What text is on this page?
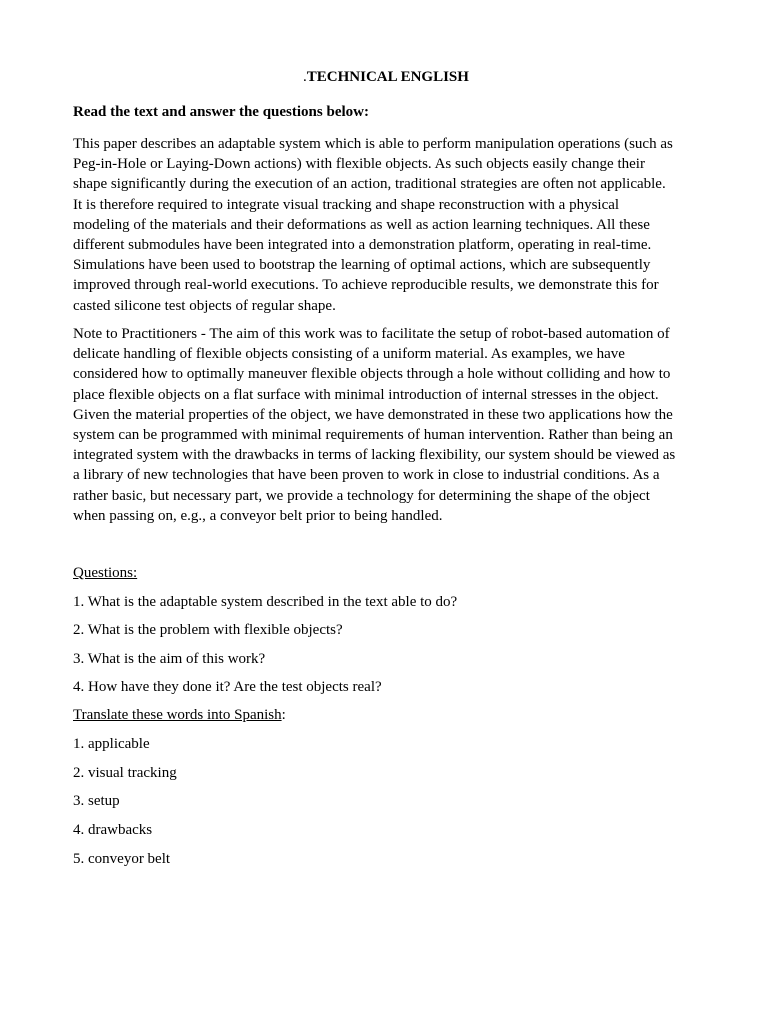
.TECHNICAL ENGLISH
Read the text and answer the questions below:

This paper describes an adaptable system which is able to perform manipulation operations (such as
Peg-in-Hole or Laying-Down actions) with flexible objects. As such objects easily change their
shape significantly during the execution of an action, traditional strategies are often not applicable.
It is therefore required to integrate visual tracking and shape reconstruction with a physical
modeling of the materials and their deformations as well as action learning techniques. All these
different submodules have been integrated into a demonstration platform, operating in real-time.
Simulations have been used to bootstrap the learning of optimal actions, which are subsequently
improved through real-world executions. To achieve reproducible results, we demonstrate this for
casted silicone test objects of regular shape.

Note to Practitioners - The aim of this work was to facilitate the setup of robot-based automation of
delicate handling of flexible objects consisting of a uniform material. As examples, we have
considered how to optimally maneuver flexible objects through a hole without colliding and how to
place flexible objects on a flat surface with minimal introduction of internal stresses in the object.
Given the material properties of the object, we have demonstrated in these two applications how the
system can be programmed with minimal requirements of human intervention. Rather than being an
integrated system with the drawbacks in terms of lacking flexibility, our system should be viewed as
a library of new technologies that have been proven to work in close to industrial conditions. As a
rather basic, but necessary part, we provide a technology for determining the shape of the object
when passing on, e.g., a conveyor belt prior to being handled.

Questions:
1. What is the adaptable system described in the text able to do?
2. What is the problem with flexible objects?
3. What is the aim of this work?
4. How have they done it? Are the test objects real?
Translate these words into Spanish:
1. applicable
2. visual tracking
3. setup
4. drawbacks
5. conveyor belt
